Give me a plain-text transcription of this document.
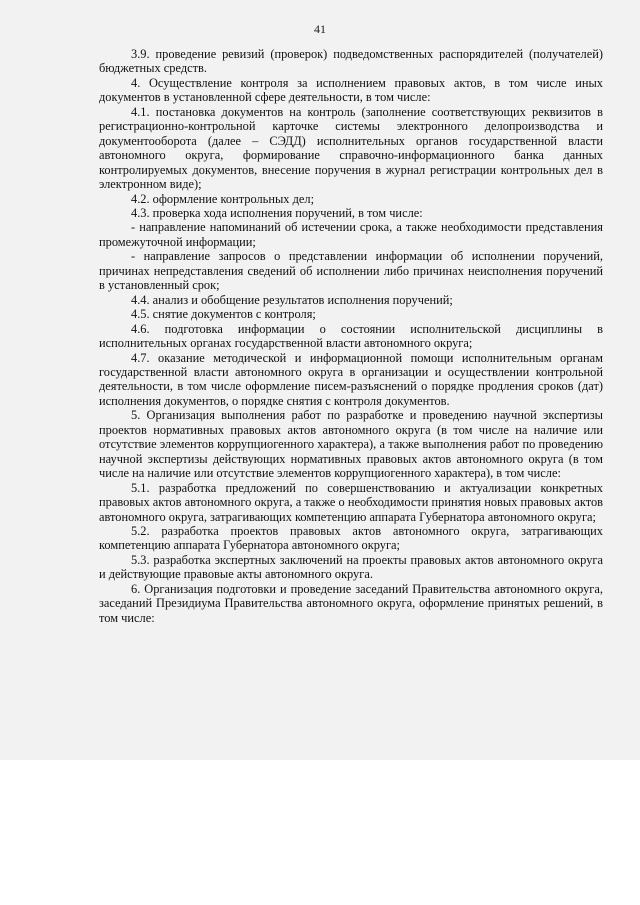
41

3.9. проведение ревизий (проверок) подведомственных распорядителей (получателей) бюджетных средств.

4. Осуществление контроля за исполнением правовых актов, в том числе иных документов в установленной сфере деятельности, в том числе:

4.1. постановка документов на контроль (заполнение соответствующих реквизитов в регистрационно-контрольной карточке системы электронного делопроизводства и документооборота (далее – СЭДД) исполнительных органов государственной власти автономного округа, формирование справочно-информационного банка данных контролируемых документов, внесение поручения в журнал регистрации контрольных дел в электронном виде);

4.2. оформление контрольных дел;

4.3. проверка хода исполнения поручений, в том числе:

- направление напоминаний об истечении срока, а также необходимости представления промежуточной информации;

- направление запросов о представлении информации об исполнении поручений, причинах непредставления сведений об исполнении либо причинах неисполнения поручений в установленный срок;

4.4. анализ и обобщение результатов исполнения поручений;

4.5. снятие документов с контроля;

4.6. подготовка информации о состоянии исполнительской дисциплины в исполнительных органах государственной власти автономного округа;

4.7. оказание методической и информационной помощи исполнительным органам государственной власти автономного округа в организации и осуществлении контрольной деятельности, в том числе оформление писем-разъяснений о порядке продления сроков (дат) исполнения документов, о порядке снятия с контроля документов.

5. Организация выполнения работ по разработке и проведению научной экспертизы проектов нормативных правовых актов автономного округа (в том числе на наличие или отсутствие элементов коррупциогенного характера), а также выполнения работ по проведению научной экспертизы действующих нормативных правовых актов автономного округа (в том числе на наличие или отсутствие элементов коррупциогенного характера), в том числе:

5.1. разработка предложений по совершенствованию и актуализации конкретных правовых актов автономного округа, а также о необходимости принятия новых правовых актов автономного округа, затрагивающих компетенцию аппарата Губернатора автономного округа;

5.2. разработка проектов правовых актов автономного округа, затрагивающих компетенцию аппарата Губернатора автономного округа;

5.3. разработка экспертных заключений на проекты правовых актов автономного округа и действующие правовые акты автономного округа.

6. Организация подготовки и проведение заседаний Правительства автономного округа, заседаний Президиума Правительства автономного округа, оформление принятых решений, в том числе:
